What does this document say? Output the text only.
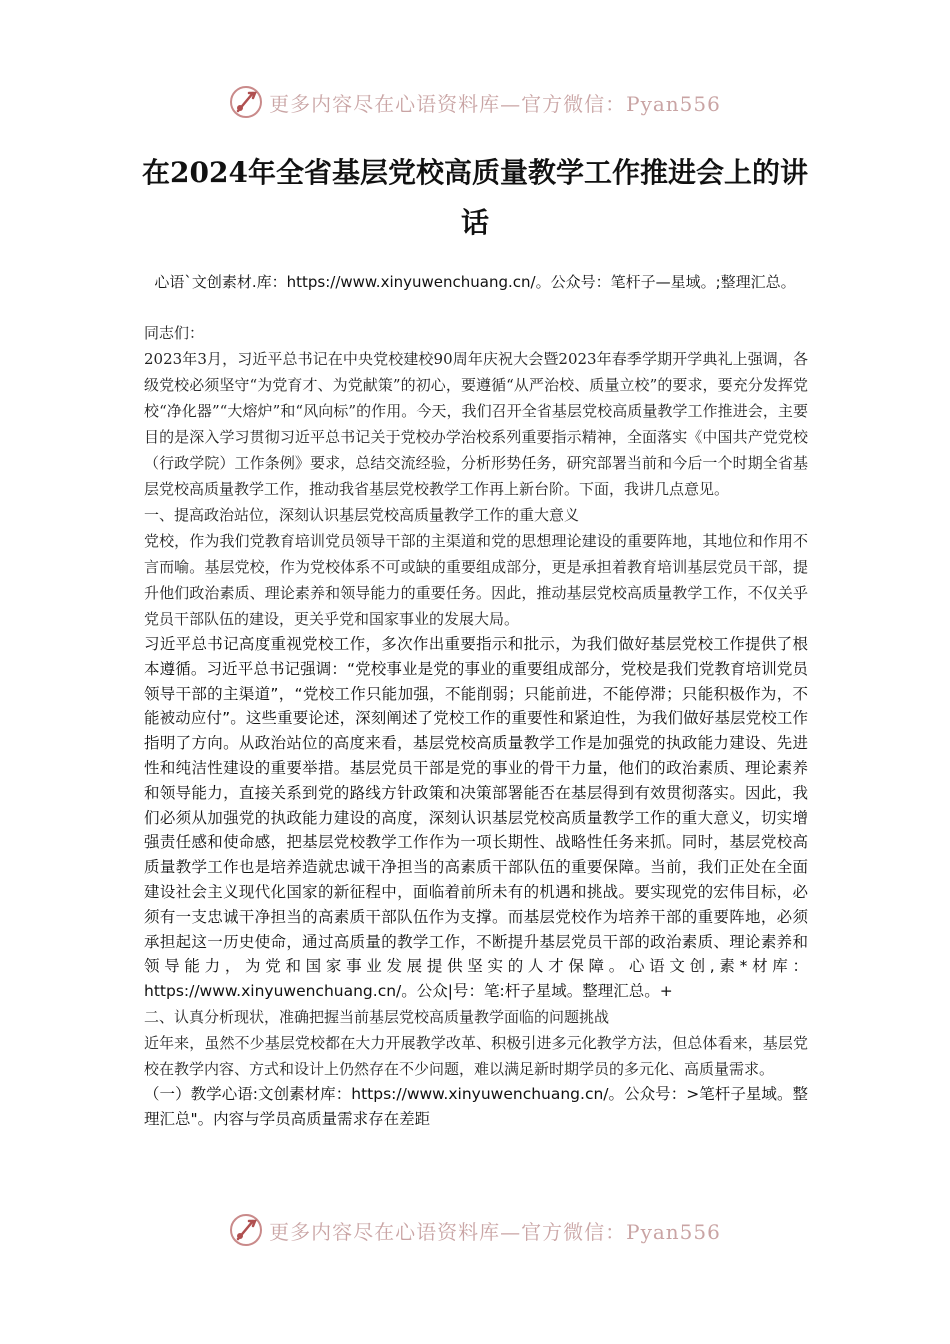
更多内容尽在心语资料库—官方微信：Pyan556
在2024年全省基层党校高质量教学工作推进会上的讲话
心语`文创素材.库：https://www.xinyuwenchuang.cn/。公众号：笔杆子—星域。;整理汇总。

同志们：

2023年3月，习近平总书记在中央党校建校90周年庆祝大会暨2023年春季学期开学典礼上强调，各级党校必须坚守“为党育才、为党献策”的初心，要遵循“从严治校、质量立校”的要求，要充分发挥党校“净化器”“大熔炉”和“风向标”的作用。今天，我们召开全省基层党校高质量教学工作推进会，主要目的是深入学习贯彻习近平总书记关于党校办学治校系列重要指示精神，全面落实《中国共产党党校（行政学院）工作条例》要求，总结交流经验，分析形势任务，研究部署当前和今后一个时期全省基层党校高质量教学工作，推动我省基层党校教学工作再上新台阶。下面，我讲几点意见。

一、提高政治站位，深刻认识基层党校高质量教学工作的重大意义

党校，作为我们党教育培训党员领导干部的主渠道和党的思想理论建设的重要阵地，其地位和作用不言而喻。基层党校，作为党校体系不可或缺的重要组成部分，更是承担着教育培训基层党员干部，提升他们政治素质、理论素养和领导能力的重要任务。因此，推动基层党校高质量教学工作，不仅关乎党员干部队伍的建设，更关乎党和国家事业的发展大局。

习近平总书记高度重视党校工作，多次作出重要指示和批示，为我们做好基层党校工作提供了根本遵循。习近平总书记强调：“党校事业是党的事业的重要组成部分，党校是我们党教育培训党员领导干部的主渠道”，“党校工作只能加强，不能削弱；只能前进，不能停滞；只能积极作为，不能被动应付”。这些重要论述，深刻阐述了党校工作的重要性和紧迫性，为我们做好基层党校工作指明了方向。从政治站位的高度来看，基层党校高质量教学工作是加强党的执政能力建设、先进性和纯洁性建设的重要举措。基层党员干部是党的事业的骨干力量，他们的政治素质、理论素养和领导能力，直接关系到党的路线方针政策和决策部署能否在基层得到有效贯彻落实。因此，我们必须从加强党的执政能力建设的高度，深刻认识基层党校高质量教学工作的重大意义，切实增强责任感和使命感，把基层党校教学工作作为一项长期性、战略性任务来抓。同时，基层党校高质量教学工作也是培养造就忠诚干净担当的高素质干部队伍的重要保障。当前，我们正处在全面建设社会主义现代化国家的新征程中，面临着前所未有的机遇和挑战。要实现党的宏伟目标，必须有一支忠诚干净担当的高素质干部队伍作为支撑。而基层党校作为培养干部的重要阵地，必须承担起这一历史使命，通过高质量的教学工作，不断提升基层党员干部的政治素质、理论素养和领导能力，为党和国家事业发展提供坚实的人才保障。心语文创,素*材库：https://www.xinyuwenchuang.cn/。公众|号：笔:杆子星域。整理汇总。+

二、认真分析现状，准确把握当前基层党校高质量教学面临的问题挑战

近年来，虽然不少基层党校都在大力开展教学改革、积极引进多元化教学方法，但总体看来，基层党校在教学内容、方式和设计上仍然存在不少问题，难以满足新时期学员的多元化、高质量需求。

（一）教学心语:文创素材库：https://www.xinyuwenchuang.cn/。公众号：>笔杆子星域。整理汇总"。内容与学员高质量需求存在差距

更多内容尽在心语资料库—官方微信：Pyan556
